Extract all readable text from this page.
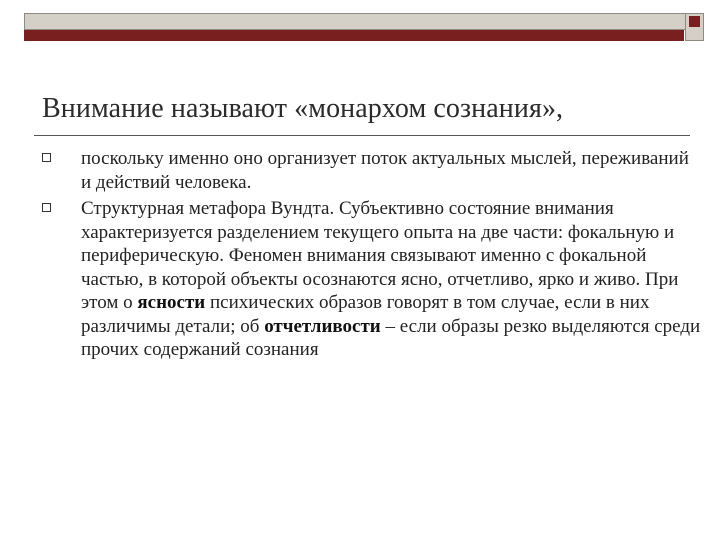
Внимание называют «монархом сознания»,
поскольку именно оно организует поток актуальных мыслей, переживаний и действий человека.
Структурная метафора Вундта. Субъективно состояние внимания характеризуется разделением текущего опыта на две части: фокальную и периферическую. Феномен внимания связывают именно с фокальной частью, в которой объекты осознаются ясно, отчетливо, ярко и живо. При этом о ясности психических образов говорят в том случае, если в них различимы детали; об отчетливости – если образы резко выделяются среди прочих содержаний сознания
